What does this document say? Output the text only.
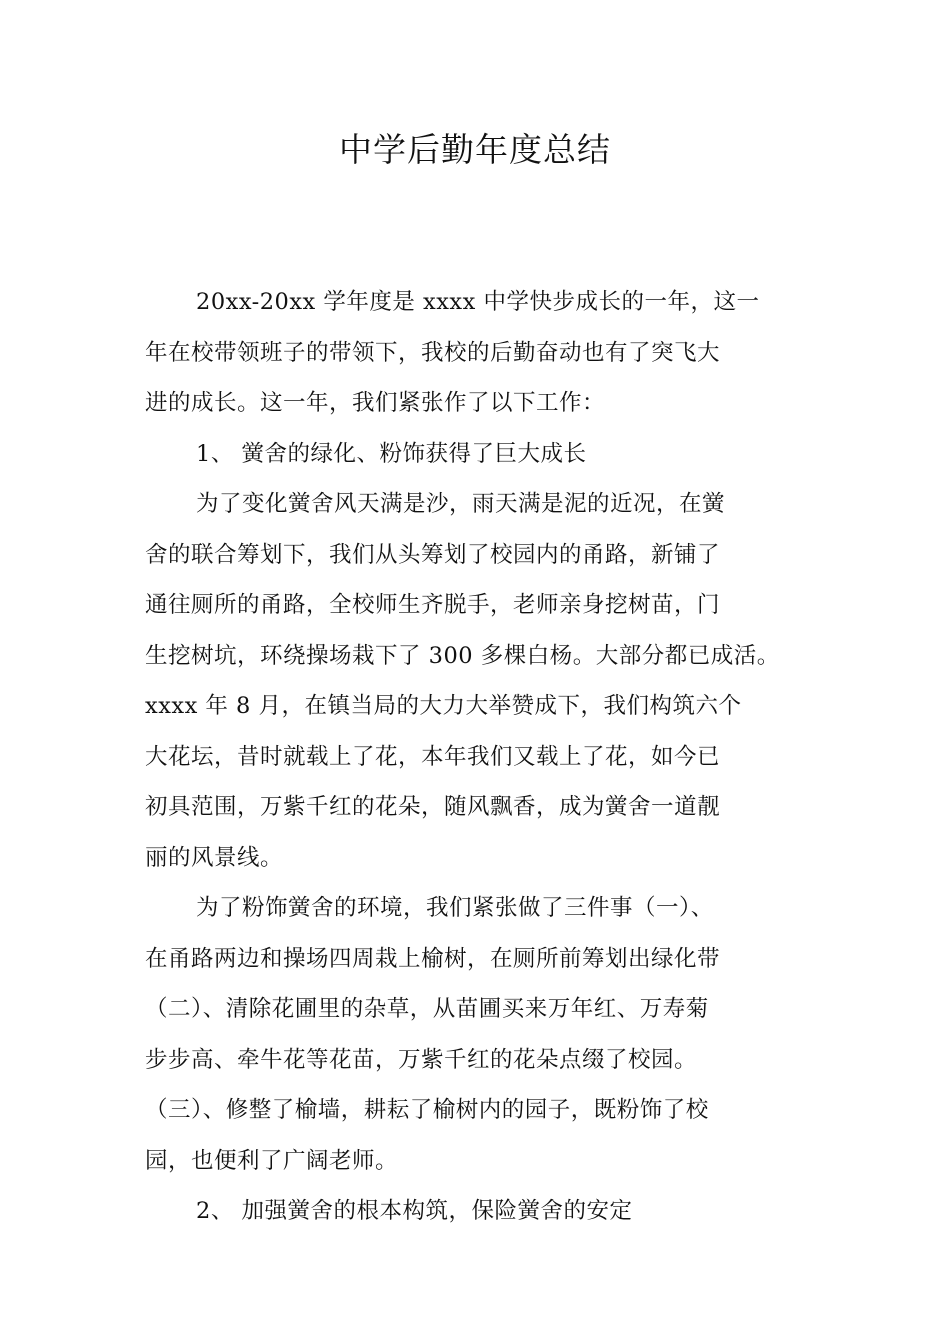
中学后勤年度总结
20xx-20xx 学年度是 xxxx 中学快步成长的一年，这一
年在校带领班子的带领下，我校的后勤奋动也有了突飞大
进的成长。这一年，我们紧张作了以下工作：
1、 黉舍的绿化、粉饰获得了巨大成长
为了变化黉舍风天满是沙，雨天满是泥的近况，在黉
舍的联合筹划下，我们从头筹划了校园内的甬路，新铺了
通往厕所的甬路，全校师生齐脱手，老师亲身挖树苗，门
生挖树坑，环绕操场栽下了 300 多棵白杨。大部分都已成活。
xxxx 年 8 月，在镇当局的大力大举赞成下，我们构筑六个
大花坛，昔时就载上了花，本年我们又载上了花，如今已
初具范围，万紫千红的花朵，随风飘香，成为黉舍一道靓
丽的风景线。
为了粉饰黉舍的环境，我们紧张做了三件事（一）、
在甬路两边和操场四周栽上榆树，在厕所前筹划出绿化带
（二）、清除花圃里的杂草，从苗圃买来万年红、万寿菊
步步高、牵牛花等花苗，万紫千红的花朵点缀了校园。
（三）、修整了榆墙，耕耘了榆树内的园子，既粉饰了校
园，也便利了广阔老师。
2、 加强黉舍的根本构筑，保险黉舍的安定
